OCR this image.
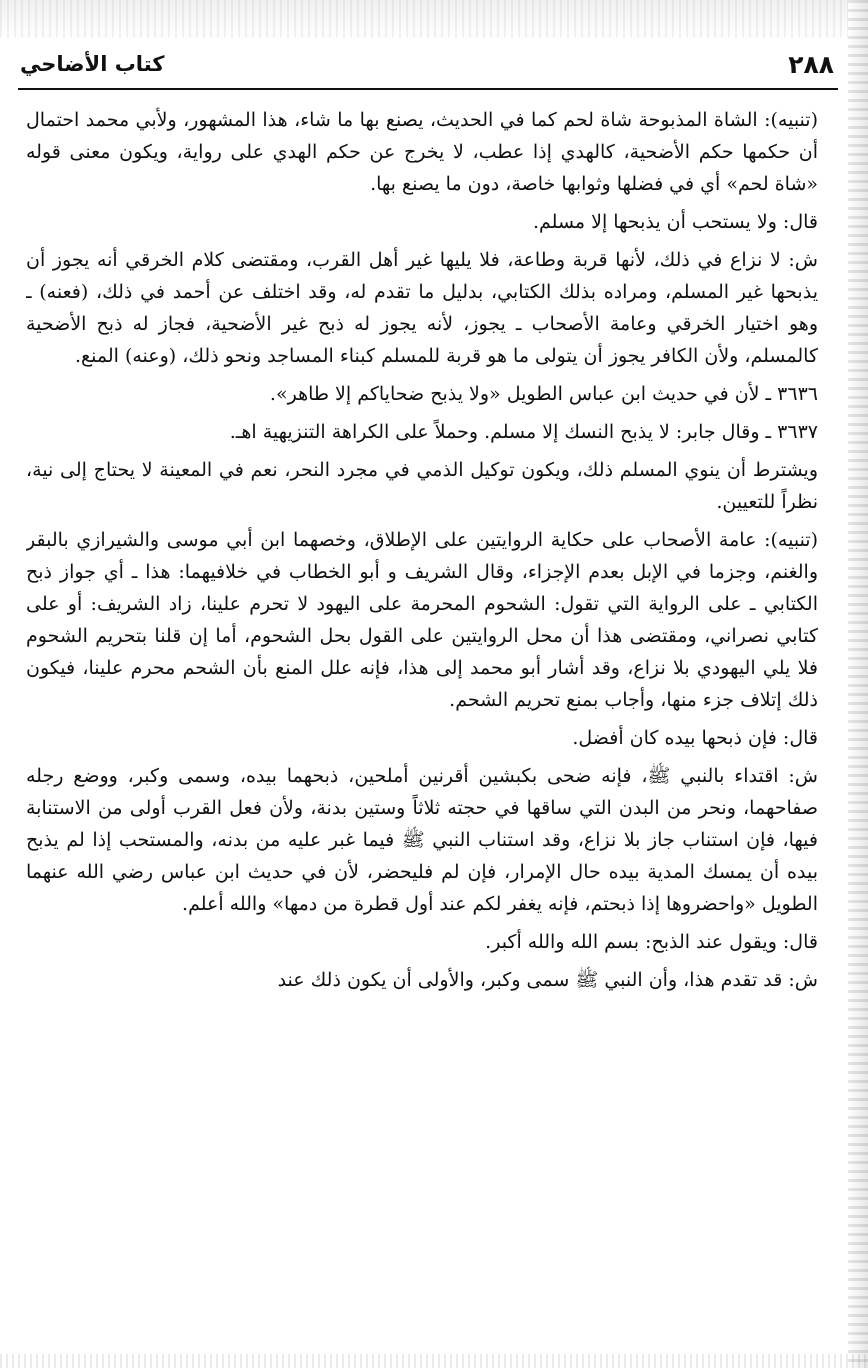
كتاب الأضاحي	٢٨٨

(تنبيه): الشاة المذبوحة شاة لحم كما في الحديث، يصنع بها ما شاء، هذا المشهور، ولأبي محمد احتمال أن حكمها حكم الأضحية، كالهدي إذا عطب، لا يخرج عن حكم الهدي على رواية، ويكون معنى قوله «شاة لحم» أي في فضلها وثوابها خاصة، دون ما يصنع بها.

قال: ولا يستحب أن يذبحها إلا مسلم.

ش: لا نزاع في ذلك، لأنها قربة وطاعة، فلا يليها غير أهل القرب، ومقتضى كلام الخرقي أنه يجوز أن يذبحها غير المسلم، ومراده بذلك الكتابي، بدليل ما تقدم له، وقد اختلف عن أحمد في ذلك، (فعنه) ـ وهو اختيار الخرقي وعامة الأصحاب ـ يجوز، لأنه يجوز له ذبح غير الأضحية، فجاز له ذبح الأضحية كالمسلم، ولأن الكافر يجوز أن يتولى ما هو قربة للمسلم كبناء المساجد ونحو ذلك، (وعنه) المنع.

٣٦٣٦ ـ لأن في حديث ابن عباس الطويل «ولا يذبح ضحاياكم إلا طاهر».

٣٦٣٧ ـ وقال جابر: لا يذبح النسك إلا مسلم. وحملاً على الكراهة التنزيهية اهـ.

ويشترط أن ينوي المسلم ذلك، ويكون توكيل الذمي في مجرد النحر، نعم في المعينة لا يحتاج إلى نية، نظراً للتعيين.

(تنبيه): عامة الأصحاب على حكاية الروايتين على الإطلاق، وخصهما ابن أبي موسى والشيرازي بالبقر والغنم، وجزما في الإبل بعدم الإجزاء، وقال الشريف و أبو الخطاب في خلافيهما: هذا ـ أي جواز ذبح الكتابي ـ على الرواية التي تقول: الشحوم المحرمة على اليهود لا تحرم علينا، زاد الشريف: أو على كتابي نصراني، ومقتضى هذا أن محل الروايتين على القول بحل الشحوم، أما إن قلنا بتحريم الشحوم فلا يلي اليهودي بلا نزاع، وقد أشار أبو محمد إلى هذا، فإنه علل المنع بأن الشحم محرم علينا، فيكون ذلك إتلاف جزء منها، وأجاب بمنع تحريم الشحم.

قال: فإن ذبحها بيده كان أفضل.

ش: اقتداء بالنبي ﷺ، فإنه ضحى بكبشين أقرنين أملحين، ذبحهما بيده، وسمى وكبر، ووضع رجله صفاحهما، ونحر من البدن التي ساقها في حجته ثلاثاً وستين بدنة، ولأن فعل القرب أولى من الاستنابة فيها، فإن استناب جاز بلا نزاع، وقد استناب النبي ﷺ فيما غبر عليه من بدنه، والمستحب إذا لم يذبح بيده أن يمسك المدية بيده حال الإمرار، فإن لم فليحضر، لأن في حديث ابن عباس رضي الله عنهما الطويل «واحضروها إذا ذبحتم، فإنه يغفر لكم عند أول قطرة من دمها» والله أعلم.

قال: ويقول عند الذبح: بسم الله والله أكبر.

ش: قد تقدم هذا، وأن النبي ﷺ سمى وكبر، والأولى أن يكون ذلك عند
